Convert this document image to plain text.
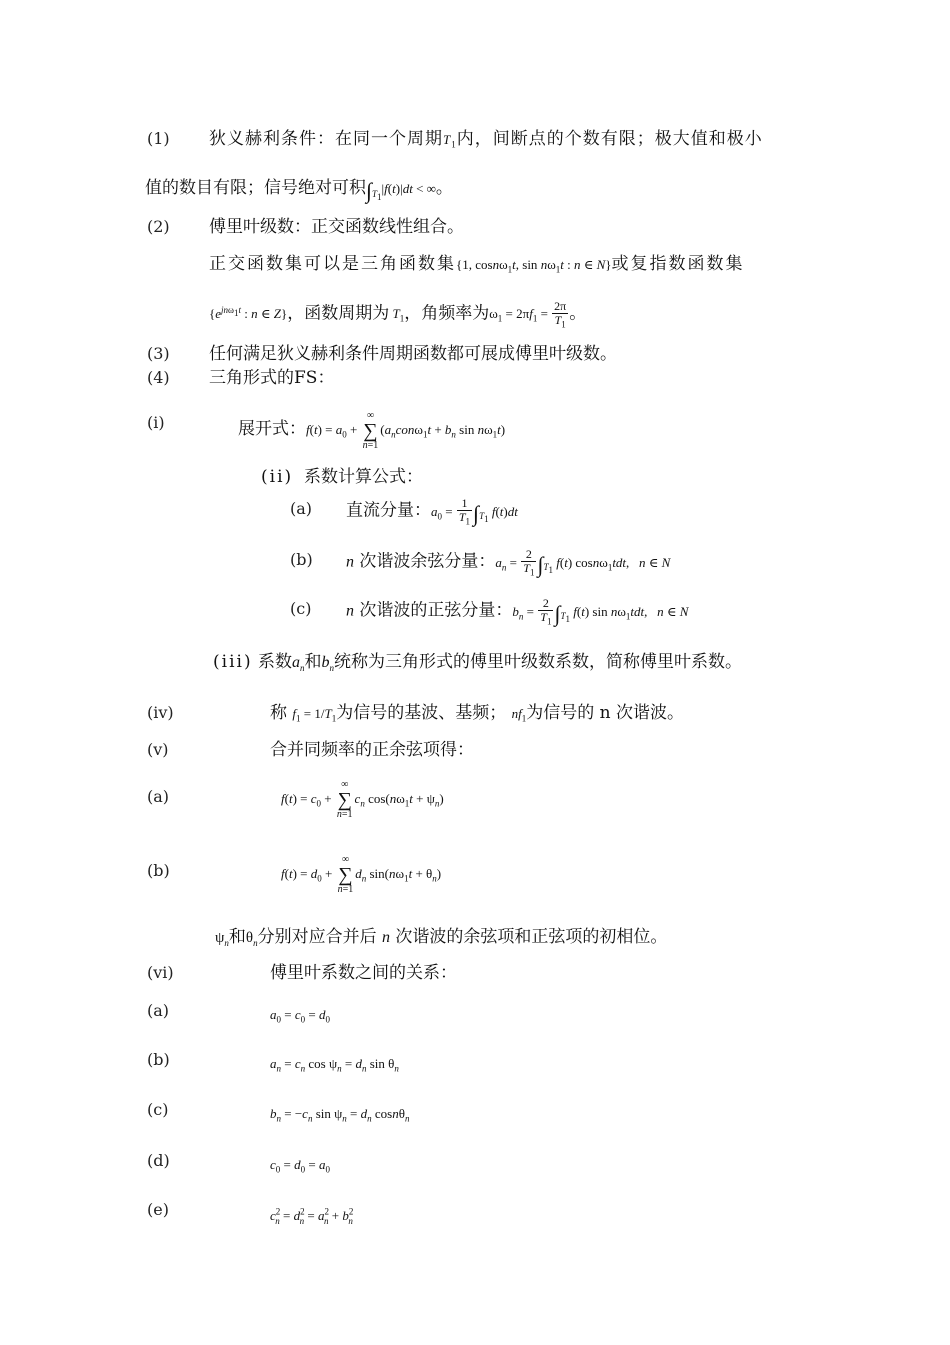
(1) 狄义赫利条件：在同一个周期$T_1$内，间断点的个数有限；极大值和极小
值的数目有限；信号绝对可积$\int_{T_1}|f(t)|dt$ < ∞。
(2) 傅里叶级数：正交函数线性组合。
正交函数集可以是三角函数集{1, cosnω$_1$t, $\sin n\omega_1t$ : n ∈ N}或复指数函数集
{$e^{jn\omega_1t}$ : n ∈ Z}，函数周期为 $T_1$，角频率为$\omega_1 = 2\pi f_1 = \frac{2\pi}{T_1}$ 。
(3) 任何满足狄义赫利条件周期函数都可展成傅里叶级数。
(4) 三角形式的FS：
(i)	展开式：$f(t) = a_0$ + ∞
∑
$n=1(a_ncon\omega_1t + b_n$ $\sin n\omega_1t$)
(ii) 系数计算公式：
(a) 直流分量：$a_0 = \frac{1}{T_1} \int_{T_1}$ f(t)dt
(b) n 次谐波余弦分量：$a_n = \frac{2}{T_1} \int_{T_1}$ f(t) cosnω$_1$tdt,   n ∈ N
(c) n 次谐波的正弦分量：$b_n = \frac{2}{T_1} \int_{T_1}$ f(t) $\sin n\omega_1tdt$,   n ∈ N
(iii) 系数$a_n$和$b_n$统称为三角形式的傅里叶级数系数，简称傅里叶系数。
(iv)	称 $f_1 = 1/T_1$为信号的基波、基频； $nf_1$为信号的 n 次谐波。
(v)	合并同频率的正余弦项得：
(a)	$f(t) = c_0$ + ∞
∑
$n=1c_n$ $\cos(n\omega_1t + \psi_n)$
(b)	$f(t) = d_0$ + ∞
∑
$n=1d_n$ $\sin(n\omega_1t + \theta_n)$
$\psi_n$和$\theta_n$分别对应合并后 n 次谐波的余弦项和正弦项的初相位。
(vi)	傅里叶系数之间的关系：
(a)	$a_0 = c_0 = d_0$
(b)	$a_n = c_n$ $\cos \psi_n = d_n$ $\sin \theta_n$
(c)	$b_n = -c_n$ $\sin \psi_n = d_n$ cosnθ$_n$
(d)	$c_0 = d_0 = a_0$
(e)	$c^2_n = d^2_n = a^2_n + b^2_n$
